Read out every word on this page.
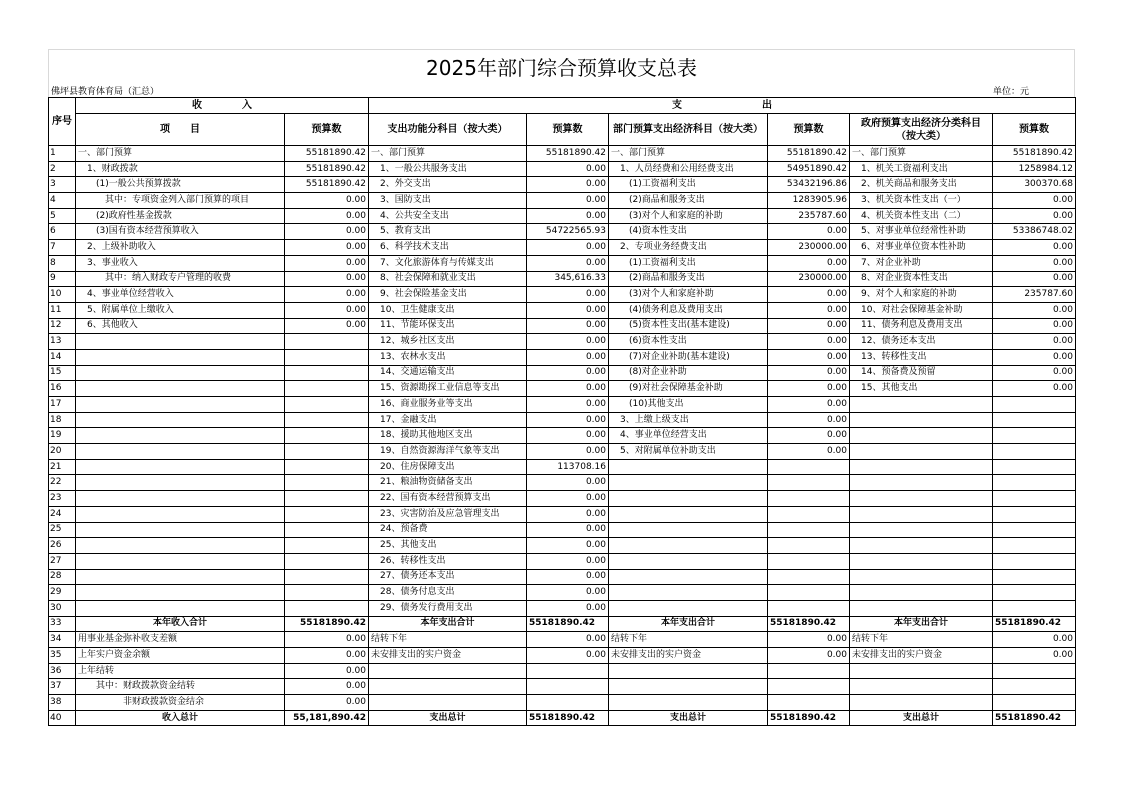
2025年部门综合预算收支总表
佛坪县教育体育局（汇总）	单位：元
序号	收　　　　入		支　　　　　　　　出					
	项　　目	预算数	支出功能分科目（按大类）	预算数	部门预算支出经济科目（按大类）	预算数	政府预算支出经济分类科目（按大类）	预算数
1	一、部门预算	55181890.42	一、部门预算	55181890.42	一、部门预算	55181890.42	一、部门预算	55181890.42
2	　1、财政拨款	55181890.42	　1、一般公共服务支出	0.00	　1、人员经费和公用经费支出	54951890.42	　1、机关工资福利支出	1258984.12
3	　　(1)一般公共预算拨款	55181890.42	　2、外交支出	0.00	　　(1)工资福利支出	53432196.86	　2、机关商品和服务支出	300370.68
4	　　　其中：专项资金列入部门预算的项目	0.00	　3、国防支出	0.00	　　(2)商品和服务支出	1283905.96	　3、机关资本性支出（一）	0.00
5	　　(2)政府性基金拨款	0.00	　4、公共安全支出	0.00	　　(3)对个人和家庭的补助	235787.60	　4、机关资本性支出（二）	0.00
6	　　(3)国有资本经营预算收入	0.00	　5、教育支出	54722565.93	　　(4)资本性支出	0.00	　5、对事业单位经常性补助	53386748.02
7	　2、上级补助收入	0.00	　6、科学技术支出	0.00	　2、专项业务经费支出	230000.00	　6、对事业单位资本性补助	0.00
8	　3、事业收入	0.00	　7、文化旅游体育与传媒支出	0.00	　　(1)工资福利支出	0.00	　7、对企业补助	0.00
9	　　　其中：纳入财政专户管理的收费	0.00	　8、社会保障和就业支出	345,616.33	　　(2)商品和服务支出	230000.00	　8、对企业资本性支出	0.00
10	　4、事业单位经营收入	0.00	　9、社会保险基金支出	0.00	　　(3)对个人和家庭补助	0.00	　9、对个人和家庭的补助	235787.60
11	　5、附属单位上缴收入	0.00	　10、卫生健康支出	0.00	　　(4)债务利息及费用支出	0.00	　10、对社会保障基金补助	0.00
12	　6、其他收入	0.00	　11、节能环保支出	0.00	　　(5)资本性支出(基本建设)	0.00	　11、债务利息及费用支出	0.00
13			　12、城乡社区支出	0.00	　　(6)资本性支出	0.00	　12、债务还本支出	0.00
14			　13、农林水支出	0.00	　　(7)对企业补助(基本建设)	0.00	　13、转移性支出	0.00
15			　14、交通运输支出	0.00	　　(8)对企业补助	0.00	　14、预备费及预留	0.00
16			　15、资源勘探工业信息等支出	0.00	　　(9)对社会保障基金补助	0.00	　15、其他支出	0.00
17			　16、商业服务业等支出	0.00	　　(10)其他支出	0.00		
18			　17、金融支出	0.00	　3、上缴上级支出	0.00		
19			　18、援助其他地区支出	0.00	　4、事业单位经营支出	0.00		
20			　19、自然资源海洋气象等支出	0.00	　5、对附属单位补助支出	0.00		
21			　20、住房保障支出	113708.16				
22			　21、粮油物资储备支出	0.00				
23			　22、国有资本经营预算支出	0.00				
24			　23、灾害防治及应急管理支出	0.00				
25			　24、预备费	0.00				
26			　25、其他支出	0.00				
27			　26、转移性支出	0.00				
28			　27、债务还本支出	0.00				
29			　28、债务付息支出	0.00				
30			　29、债务发行费用支出	0.00				
33	本年收入合计	55181890.42	本年支出合计	55181890.42	本年支出合计	55181890.42	本年支出合计	55181890.42
34	用事业基金弥补收支差额	0.00	结转下年	0.00	结转下年	0.00	结转下年	0.00
35	上年实户资金余额	0.00	未安排支出的实户资金	0.00	未安排支出的实户资金	0.00	未安排支出的实户资金	0.00
36	上年结转	0.00						
37	　　其中：财政拨款资金结转	0.00						
38	　　　　　非财政拨款资金结余	0.00						
40	收入总计	55,181,890.42	支出总计	55181890.42	支出总计	55181890.42	支出总计	55181890.42
